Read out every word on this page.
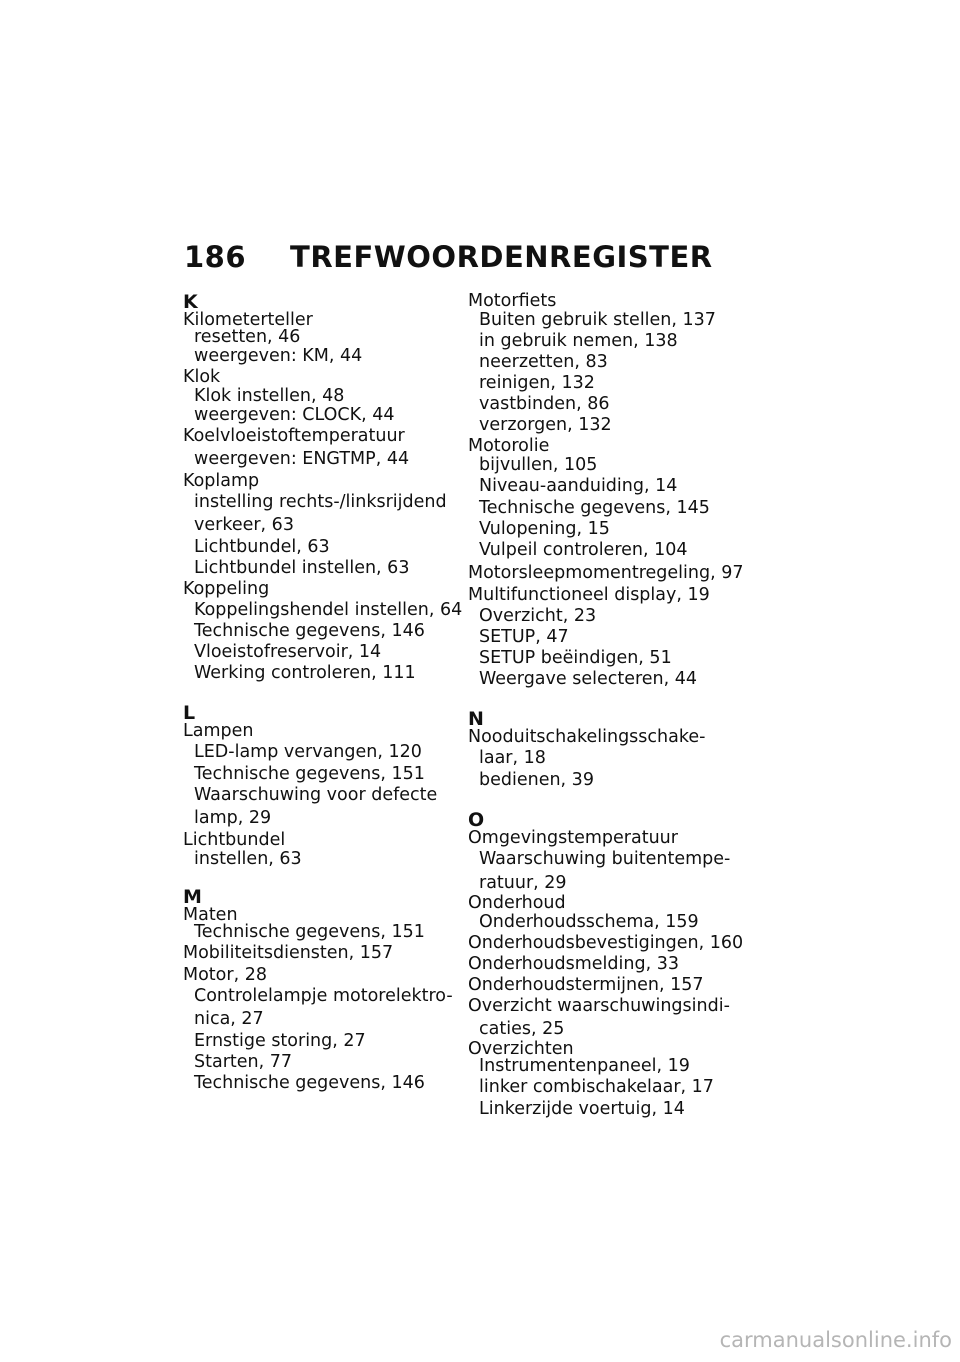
186 TREFWOORDENREGISTER
K
Kilometerteller
resetten, 46
weergeven: KM, 44
Klok
Klok instellen, 48
weergeven: CLOCK, 44
Koelvloeistoftemperatuur
weergeven: ENGTMP, 44
Koplamp
instelling rechts-/linksrijdend
verkeer, 63
Lichtbundel, 63
Lichtbundel instellen, 63
Koppeling
Koppelingshendel instellen, 64
Technische gegevens, 146
Vloeistofreservoir, 14
Werking controleren, 111
L
Lampen
LED-lamp vervangen, 120
Technische gegevens, 151
Waarschuwing voor defecte
lamp, 29
Lichtbundel
instellen, 63
M
Maten
Technische gegevens, 151
Mobiliteitsdiensten, 157
Motor, 28
Controlelampje motorelektro-
nica, 27
Ernstige storing, 27
Starten, 77
Technische gegevens, 146
Motorfiets
Buiten gebruik stellen, 137
in gebruik nemen, 138
neerzetten, 83
reinigen, 132
vastbinden, 86
verzorgen, 132
Motorolie
bijvullen, 105
Niveau-aanduiding, 14
Technische gegevens, 145
Vulopening, 15
Vulpeil controleren, 104
Motorsleepmomentregeling, 97
Multifunctioneel display, 19
Overzicht, 23
SETUP, 47
SETUP beëindigen, 51
Weergave selecteren, 44
N
Nooduitschakelingsschake-
laar, 18
bedienen, 39
O
Omgevingstemperatuur
Waarschuwing buitentempe-
ratuur, 29
Onderhoud
Onderhoudsschema, 159
Onderhoudsbevestigingen, 160
Onderhoudsmelding, 33
Onderhoudstermijnen, 157
Overzicht waarschuwingsindi-
caties, 25
Overzichten
Instrumentenpaneel, 19
linker combischakelaar, 17
Linkerzijde voertuig, 14
carmanualsonline.info
